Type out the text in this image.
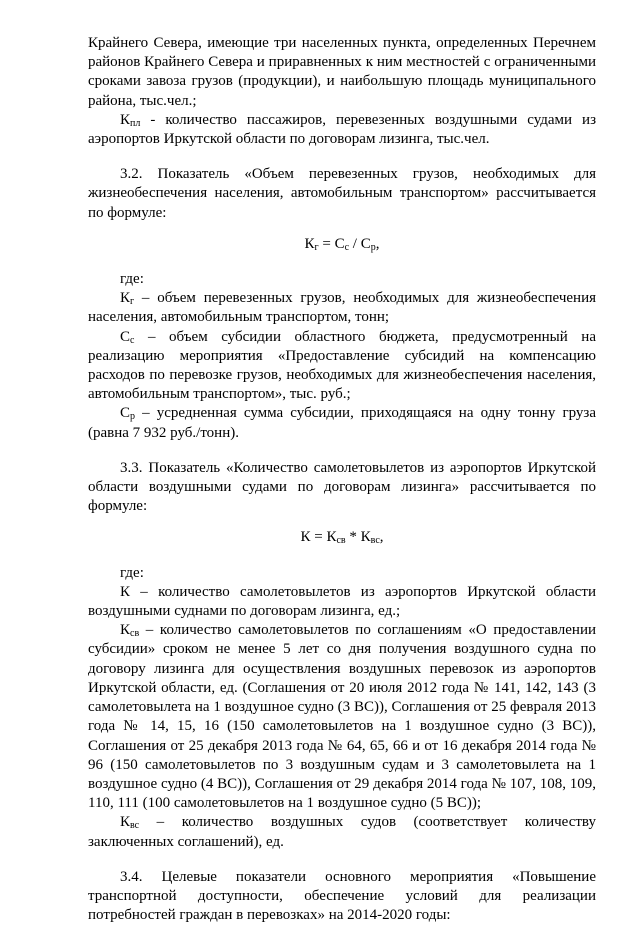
Крайнего Севера, имеющие три населенных пункта, определенных Перечнем районов Крайнего Севера и приравненных к ним местностей с ограниченными сроками завоза грузов (продукции), и наибольшую площадь муниципального района, тыс.чел.;

$К_{пл}$ - количество пассажиров, перевезенных воздушными судами из аэропортов Иркутской области по договорам лизинга, тыс.чел.

3.2. Показатель «Объем перевезенных грузов, необходимых для жизнеобеспечения населения, автомобильным транспортом» рассчитывается по формуле:

$К_г = С_с / С_р$,

где:

$К_г$ – объем перевезенных грузов, необходимых для жизнеобеспечения населения, автомобильным транспортом, тонн;

$С_с$ – объем субсидии областного бюджета, предусмотренный на реализацию мероприятия «Предоставление субсидий на компенсацию расходов по перевозке грузов, необходимых для жизнеобеспечения населения, автомобильным транспортом», тыс. руб.;

$С_р$ – усредненная сумма субсидии, приходящаяся на одну тонну груза (равна 7 932 руб./тонн).

3.3. Показатель «Количество самолетовылетов из аэропортов Иркутской области воздушными судами по договорам лизинга» рассчитывается по формуле:

$К = К_{св} * К_{вс}$,

где:

К – количество самолетовылетов из аэропортов Иркутской области воздушными суднами по договорам лизинга, ед.;

$К_{св}$ – количество самолетовылетов по соглашениям «О предоставлении субсидии» сроком не менее 5 лет со дня получения воздушного судна по договору лизинга для осуществления воздушных перевозок из аэропортов Иркутской области, ед. (Соглашения от 20 июля 2012 года № 141, 142, 143 (3 самолетовылета на 1 воздушное судно (3 ВС)), Соглашения от 25 февраля 2013 года № 14, 15, 16 (150 самолетовылетов на 1 воздушное судно (3 ВС)), Соглашения от 25 декабря 2013 года № 64, 65, 66 и от 16 декабря 2014 года № 96 (150 самолетовылетов по 3 воздушным судам и 3 самолетовылета на 1 воздушное судно (4 ВС)), Соглашения от 29 декабря 2014 года № 107, 108, 109, 110, 111 (100 самолетовылетов на 1 воздушное судно (5 ВС));

$К_{вс}$ – количество воздушных судов (соответствует количеству заключенных соглашений), ед.

3.4. Целевые показатели основного мероприятия «Повышение транспортной доступности, обеспечение условий для реализации потребностей граждан в перевозках» на 2014-2020 годы:
